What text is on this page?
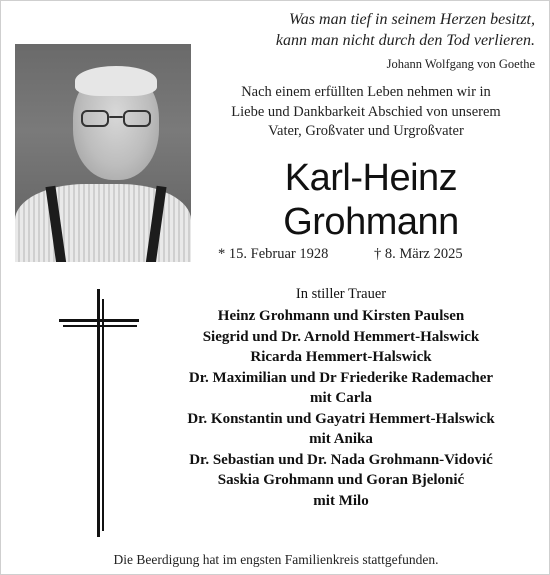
Was man tief in seinem Herzen besitzt,
kann man nicht durch den Tod verlieren.
Johann Wolfgang von Goethe
Nach einem erfüllten Leben nehmen wir in
Liebe und Dankbarkeit Abschied von unserem
Vater, Großvater und Urgroßvater
Karl-Heinz
Grohmann
* 15. Februar 1928	† 8. März 2025
In stiller Trauer
Heinz Grohmann und Kirsten Paulsen
Siegrid und Dr. Arnold Hemmert-Halswick
Ricarda Hemmert-Halswick
Dr. Maximilian und Dr Friederike Rademacher
mit Carla
Dr. Konstantin und Gayatri Hemmert-Halswick
mit Anika
Dr. Sebastian und Dr. Nada Grohmann-Vidović
Saskia Grohmann und Goran Bjelonić
mit Milo
Die Beerdigung hat im engsten Familienkreis stattgefunden.
